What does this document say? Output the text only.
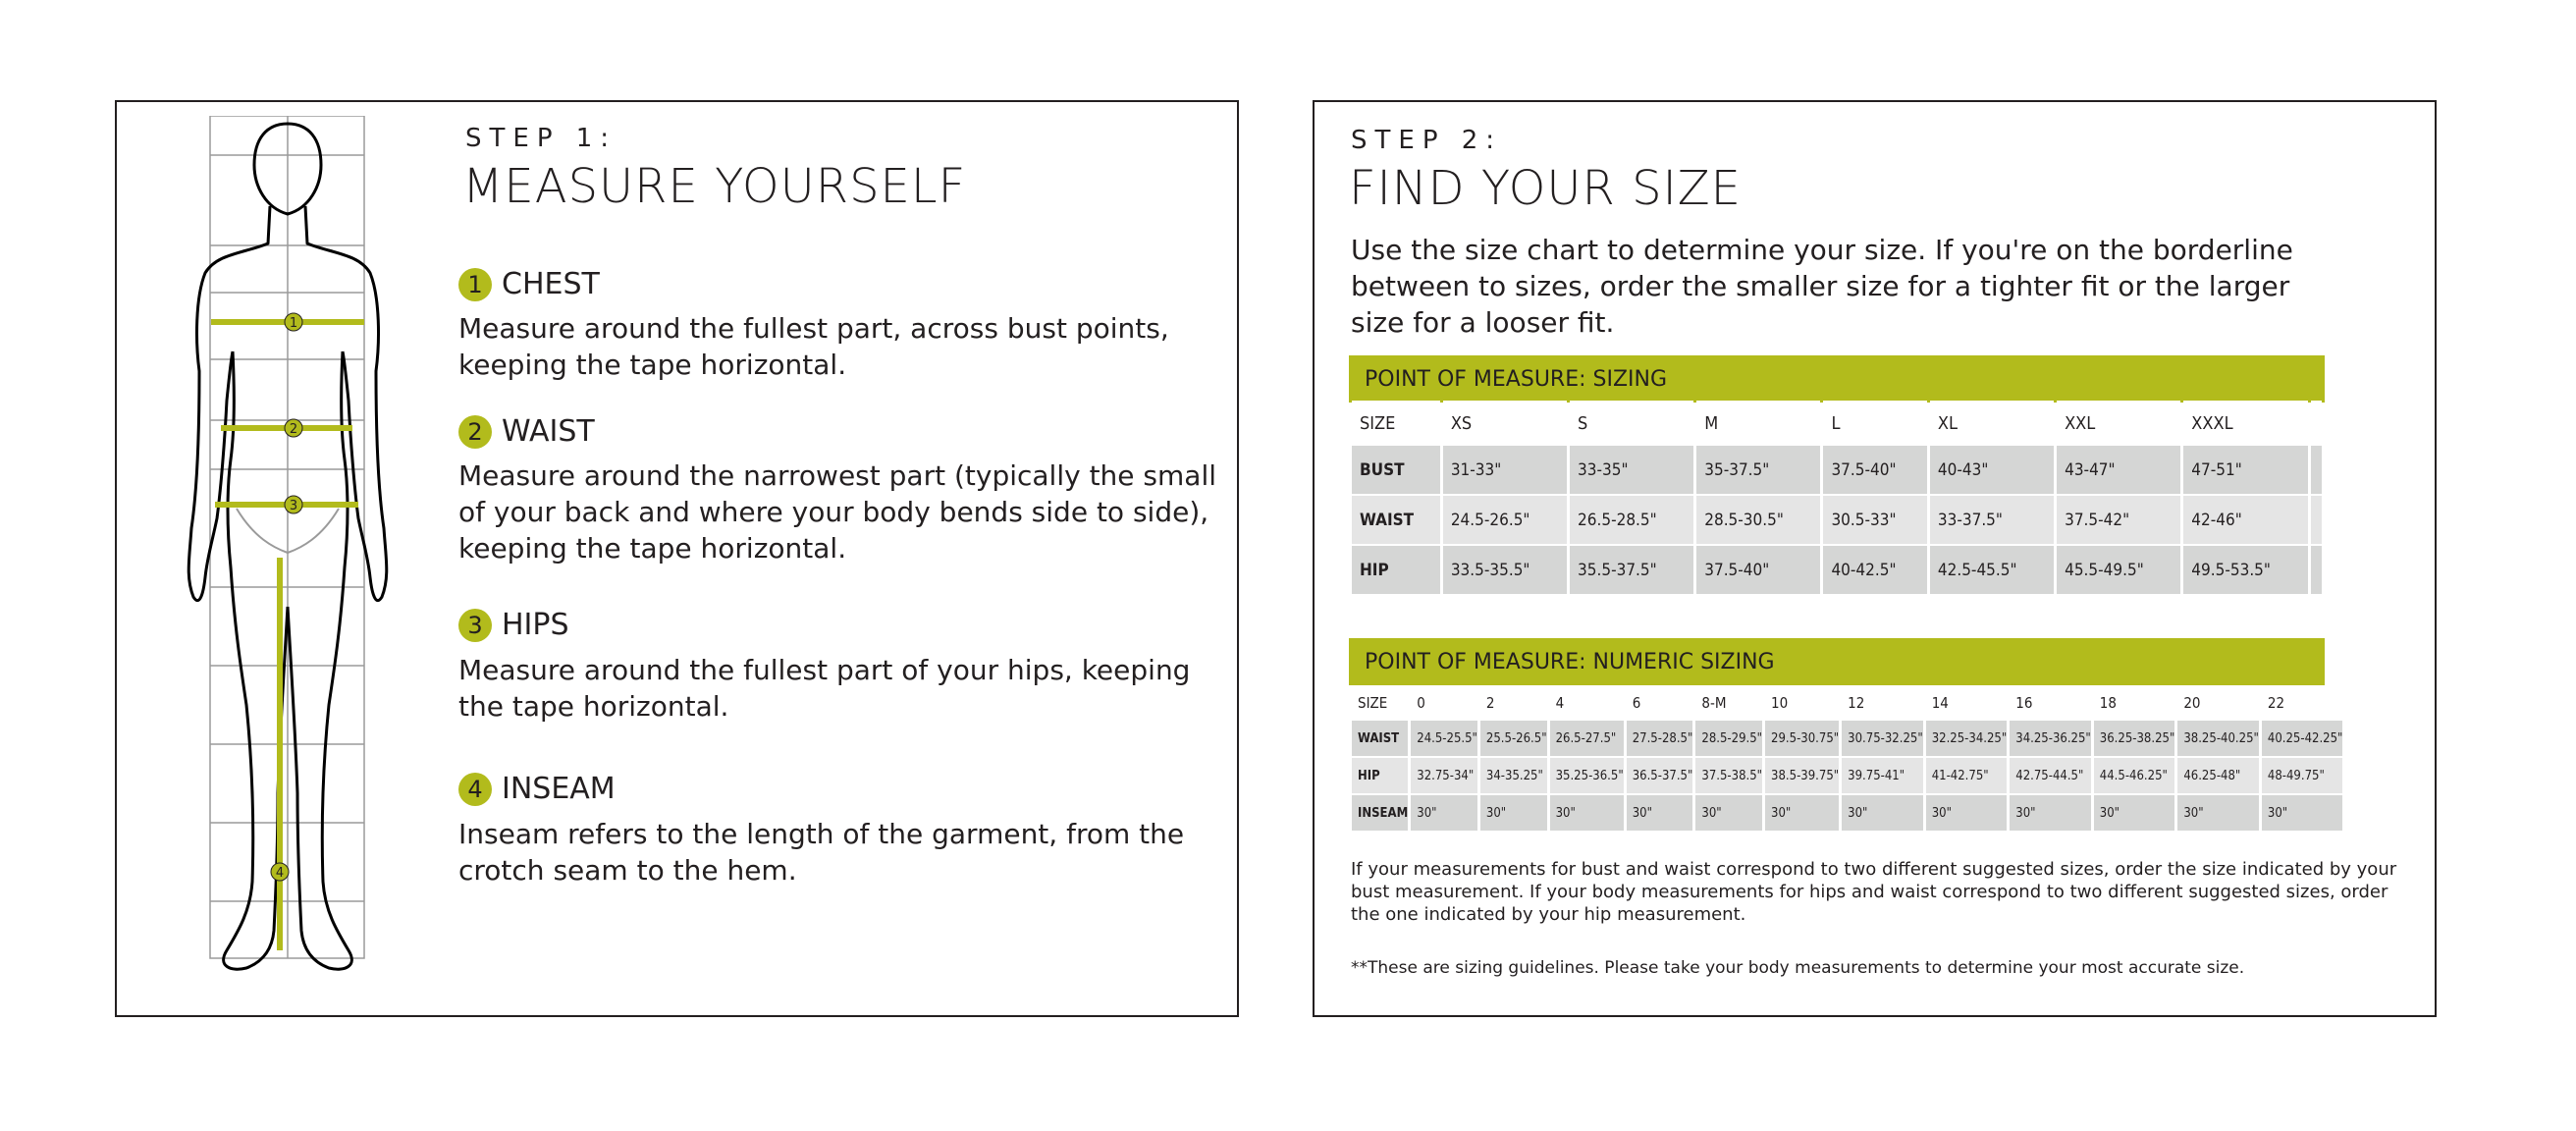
1
2
3
4
STEP 1:
MEASURE YOURSELF
1 CHEST
Measure around the fullest part, across bust points, keeping the tape horizontal.
2 WAIST
Measure around the narrowest part (typically the small of your back and where your body bends side to side), keeping the tape horizontal.
3 HIPS
Measure around the fullest part of your hips, keeping the tape horizontal.
4 INSEAM
Inseam refers to the length of the garment, from the crotch seam to the hem.
STEP 2:
FIND YOUR SIZE
Use the size chart to determine your size. If you're on the borderline between to sizes, order the smaller size for a tighter fit or the larger size for a looser fit.
POINT OF MEASURE: SIZING
SIZE	XS	S	M	L	XL	XXL	XXXL	
BUST	31-33"	33-35"	35-37.5"	37.5-40"	40-43"	43-47"	47-51"	
WAIST	24.5-26.5"	26.5-28.5"	28.5-30.5"	30.5-33"	33-37.5"	37.5-42"	42-46"	
HIP	33.5-35.5"	35.5-37.5"	37.5-40"	40-42.5"	42.5-45.5"	45.5-49.5"	49.5-53.5"	
POINT OF MEASURE: NUMERIC SIZING
SIZE	0	2	4	6	8-M	10	12	14	16	18	20	22
WAIST	24.5-25.5"	25.5-26.5"	26.5-27.5"	27.5-28.5"	28.5-29.5"	29.5-30.75"	30.75-32.25"	32.25-34.25"	34.25-36.25"	36.25-38.25"	38.25-40.25"	40.25-42.25"
HIP	32.75-34"	34-35.25"	35.25-36.5"	36.5-37.5"	37.5-38.5"	38.5-39.75"	39.75-41"	41-42.75"	42.75-44.5"	44.5-46.25"	46.25-48"	48-49.75"
INSEAM	30"	30"	30"	30"	30"	30"	30"	30"	30"	30"	30"	30"
If your measurements for bust and waist correspond to two different suggested sizes, order the size indicated by your bust measurement. If your body measurements for hips and waist correspond to two different suggested sizes, order the one indicated by your hip measurement.
**These are sizing guidelines. Please take your body measurements to determine your most accurate size.
